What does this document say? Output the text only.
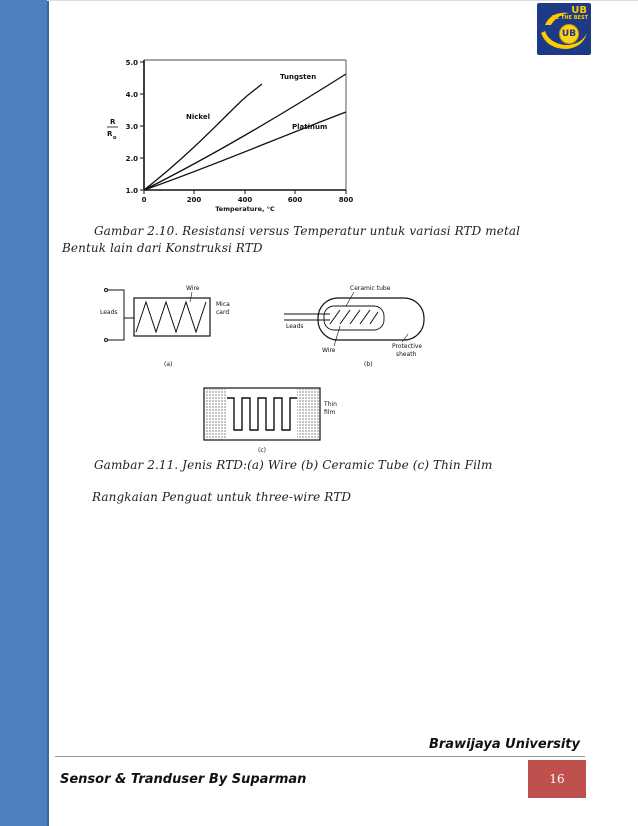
UB
BE THE BEST
UB
5.0
4.0
3.0
2.0
1.0
0	200	400	600	800
Temperature, °C
R
R o
Tungsten
Nickel
Platinum
Gambar 2.10. Resistansi versus Temperatur untuk variasi RTD metal
Bentuk lain dari Konstruksi RTD
Leads
Wire
Mica
card
(a)
Ceramic tube
Leads
Wire
Protective
sheath
(b)
Thin
film
(c)
Gambar 2.11. Jenis RTD:(a) Wire (b) Ceramic Tube (c) Thin Film
Rangkaian Penguat untuk three-wire RTD
Brawijaya University
Sensor & Tranduser By Suparman	16
